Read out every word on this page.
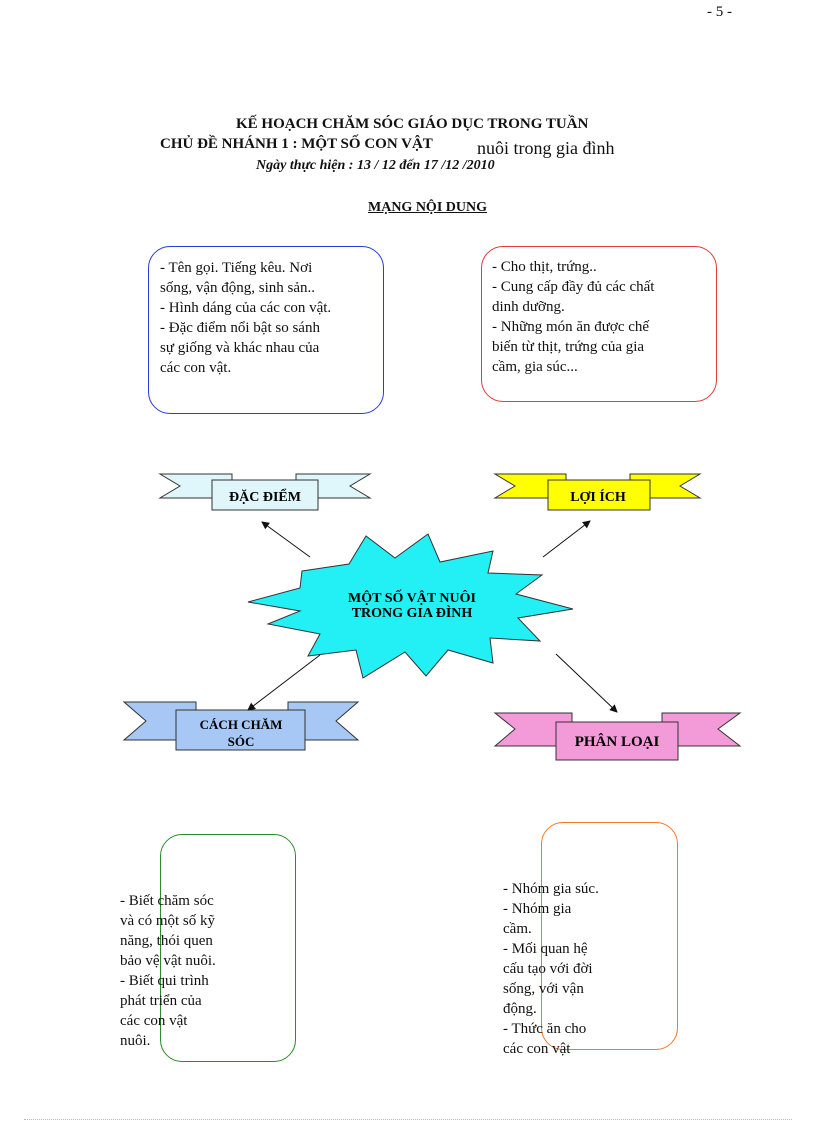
- 5 -
KẾ HOẠCH CHĂM SÓC GIÁO DỤC TRONG TUẦN
CHỦ ĐỀ NHÁNH 1 : MỘT SỐ CON VẬT nuôi trong gia đình
Ngày thực hiện : 13 / 12 đến 17 /12 /2010
MẠNG NỘI DUNG
- Tên gọi. Tiếng kêu. Nơi
sống, vận động, sinh sản..
- Hình dáng của các con vật.
- Đặc điểm nổi bật so sánh
sự giống và khác nhau của
các con vật.
- Cho thịt, trứng..
- Cung cấp đầy đủ các chất
dinh dưỡng.
- Những món ăn được chế
biến từ thịt, trứng của gia
cầm, gia súc...
- Biết chăm sóc
và có một số kỹ
năng, thói quen
bảo vệ vật nuôi.
- Biết qui trình
phát triển của
các con vật
nuôi.
- Nhóm gia súc.
- Nhóm gia
cầm.
- Mối quan hệ
cấu tạo với đời
sống, với vận
động.
- Thức ăn cho
các con vật
ĐẶC ĐIỂM	LỢI ÍCH
CÁCH CHĂM
SÓC	PHÂN LOẠI
MỘT SỐ VẬT NUÔI
TRONG GIA ĐÌNH
